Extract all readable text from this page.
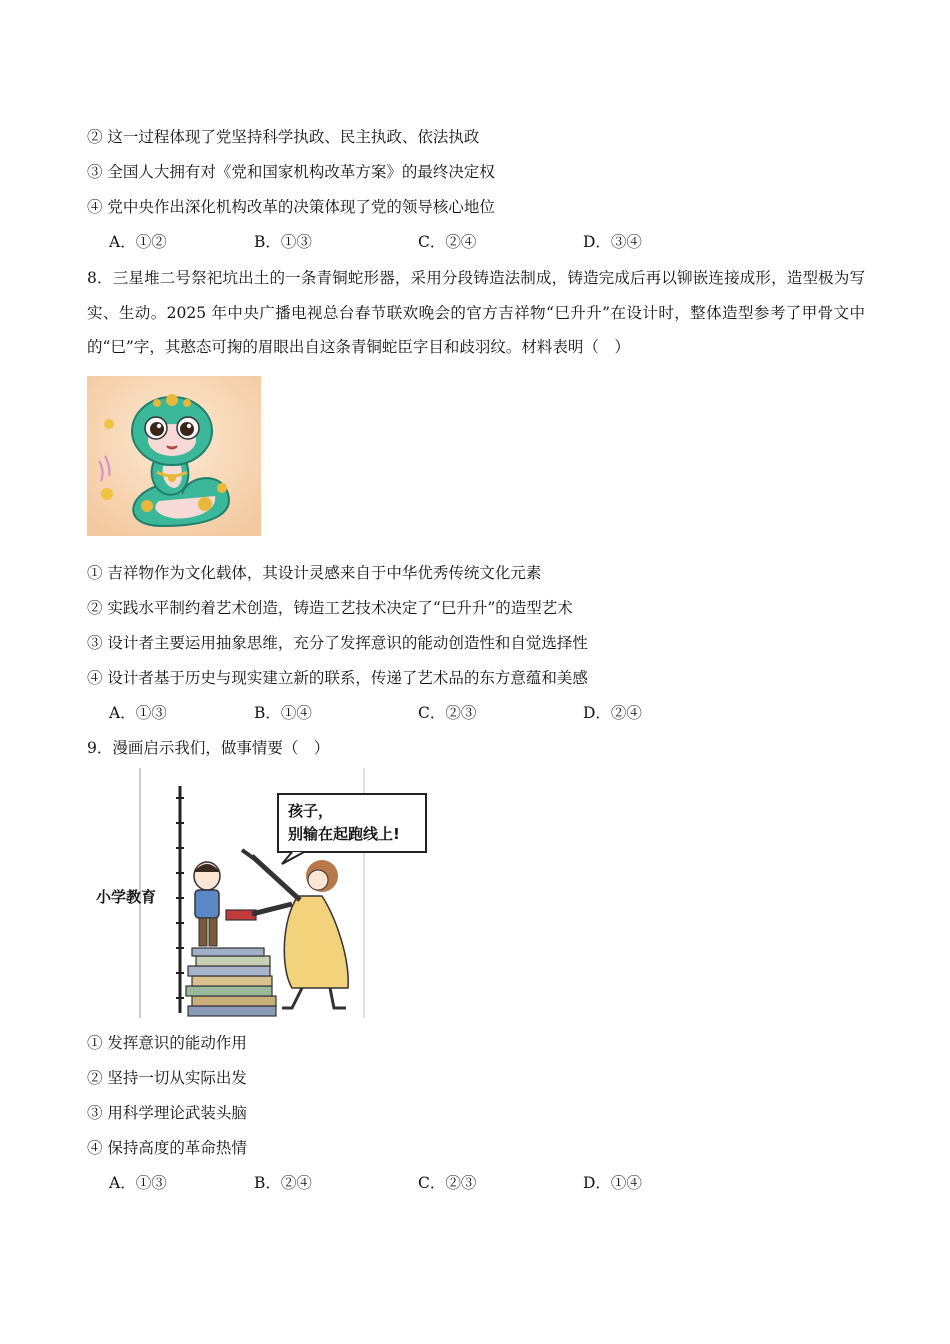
② 这一过程体现了党坚持科学执政、民主执政、依法执政
③ 全国人大拥有对《党和国家机构改革方案》的最终决定权
④ 党中央作出深化机构改革的决策体现了党的领导核心地位
A．①②	B．①③	C．②④	D．③④
8．三星堆二号祭祀坑出土的一条青铜蛇形器，采用分段铸造法制成，铸造完成后再以铆嵌连接成形，造型极为写实、生动。2025 年中央广播电视总台春节联欢晚会的官方吉祥物“巳升升”在设计时，整体造型参考了甲骨文中的“巳”字，其憨态可掬的眉眼出自这条青铜蛇臣字目和歧羽纹。材料表明（　）
① 吉祥物作为文化载体，其设计灵感来自于中华优秀传统文化元素
② 实践水平制约着艺术创造，铸造工艺技术决定了“巳升升”的造型艺术
③ 设计者主要运用抽象思维，充分了发挥意识的能动创造性和自觉选择性
④ 设计者基于历史与现实建立新的联系，传递了艺术品的东方意蕴和美感
A．①③	B．①④	C．②③	D．②④
9．漫画启示我们，做事情要（　）
孩子，
别输在起跑线上!
小学教育
① 发挥意识的能动作用
② 坚持一切从实际出发
③ 用科学理论武装头脑
④ 保持高度的革命热情
A．①③	B．②④	C．②③	D．①④
